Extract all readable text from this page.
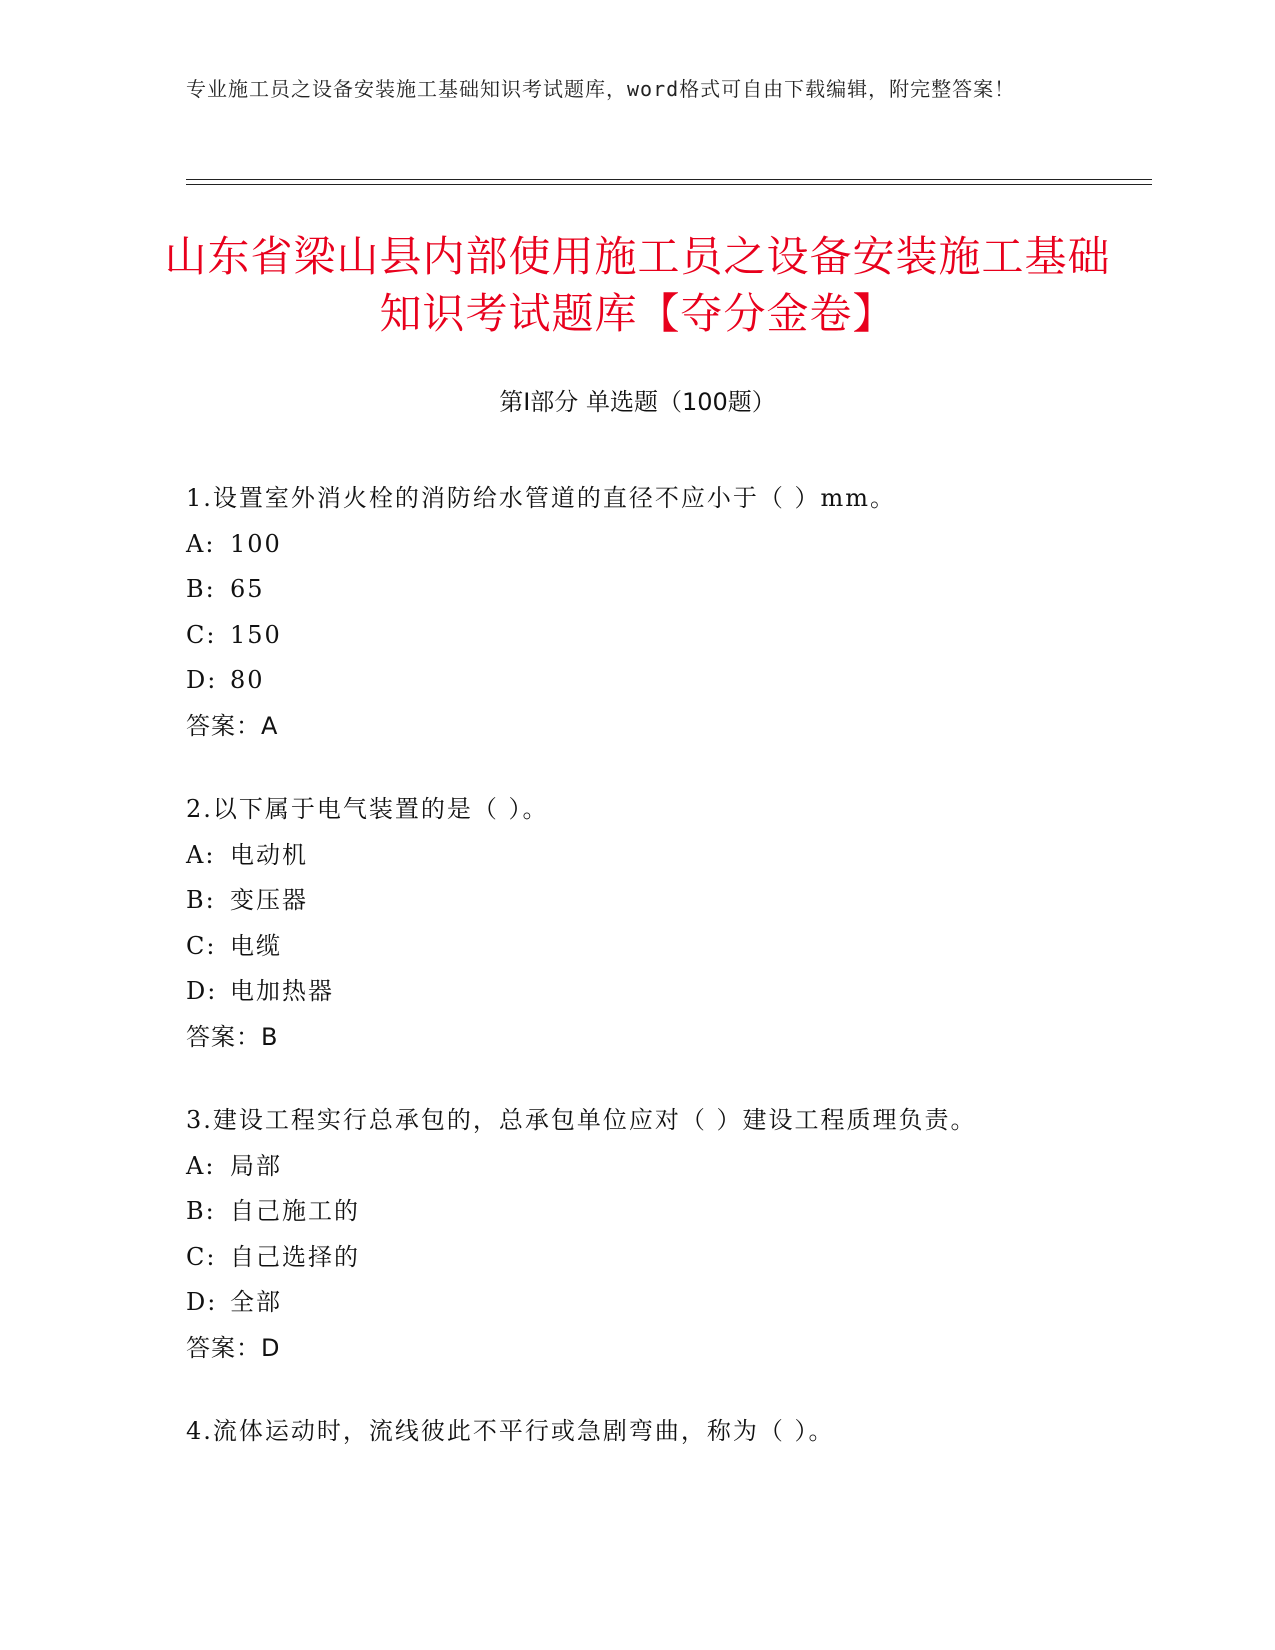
专业施工员之设备安装施工基础知识考试题库，word格式可自由下载编辑，附完整答案！
山东省梁山县内部使用施工员之设备安装施工基础知识考试题库【夺分金卷】
第Ⅰ部分 单选题（100题）
1.设置室外消火栓的消防给水管道的直径不应小于（ ）mm。
A: 100
B: 65
C: 150
D: 80
答案：A
2.以下属于电气装置的是（ ）。
A: 电动机
B: 变压器
C: 电缆
D: 电加热器
答案：B
3.建设工程实行总承包的，总承包单位应对（ ）建设工程质理负责。
A: 局部
B: 自己施工的
C: 自己选择的
D: 全部
答案：D
4.流体运动时，流线彼此不平行或急剧弯曲，称为（ ）。
